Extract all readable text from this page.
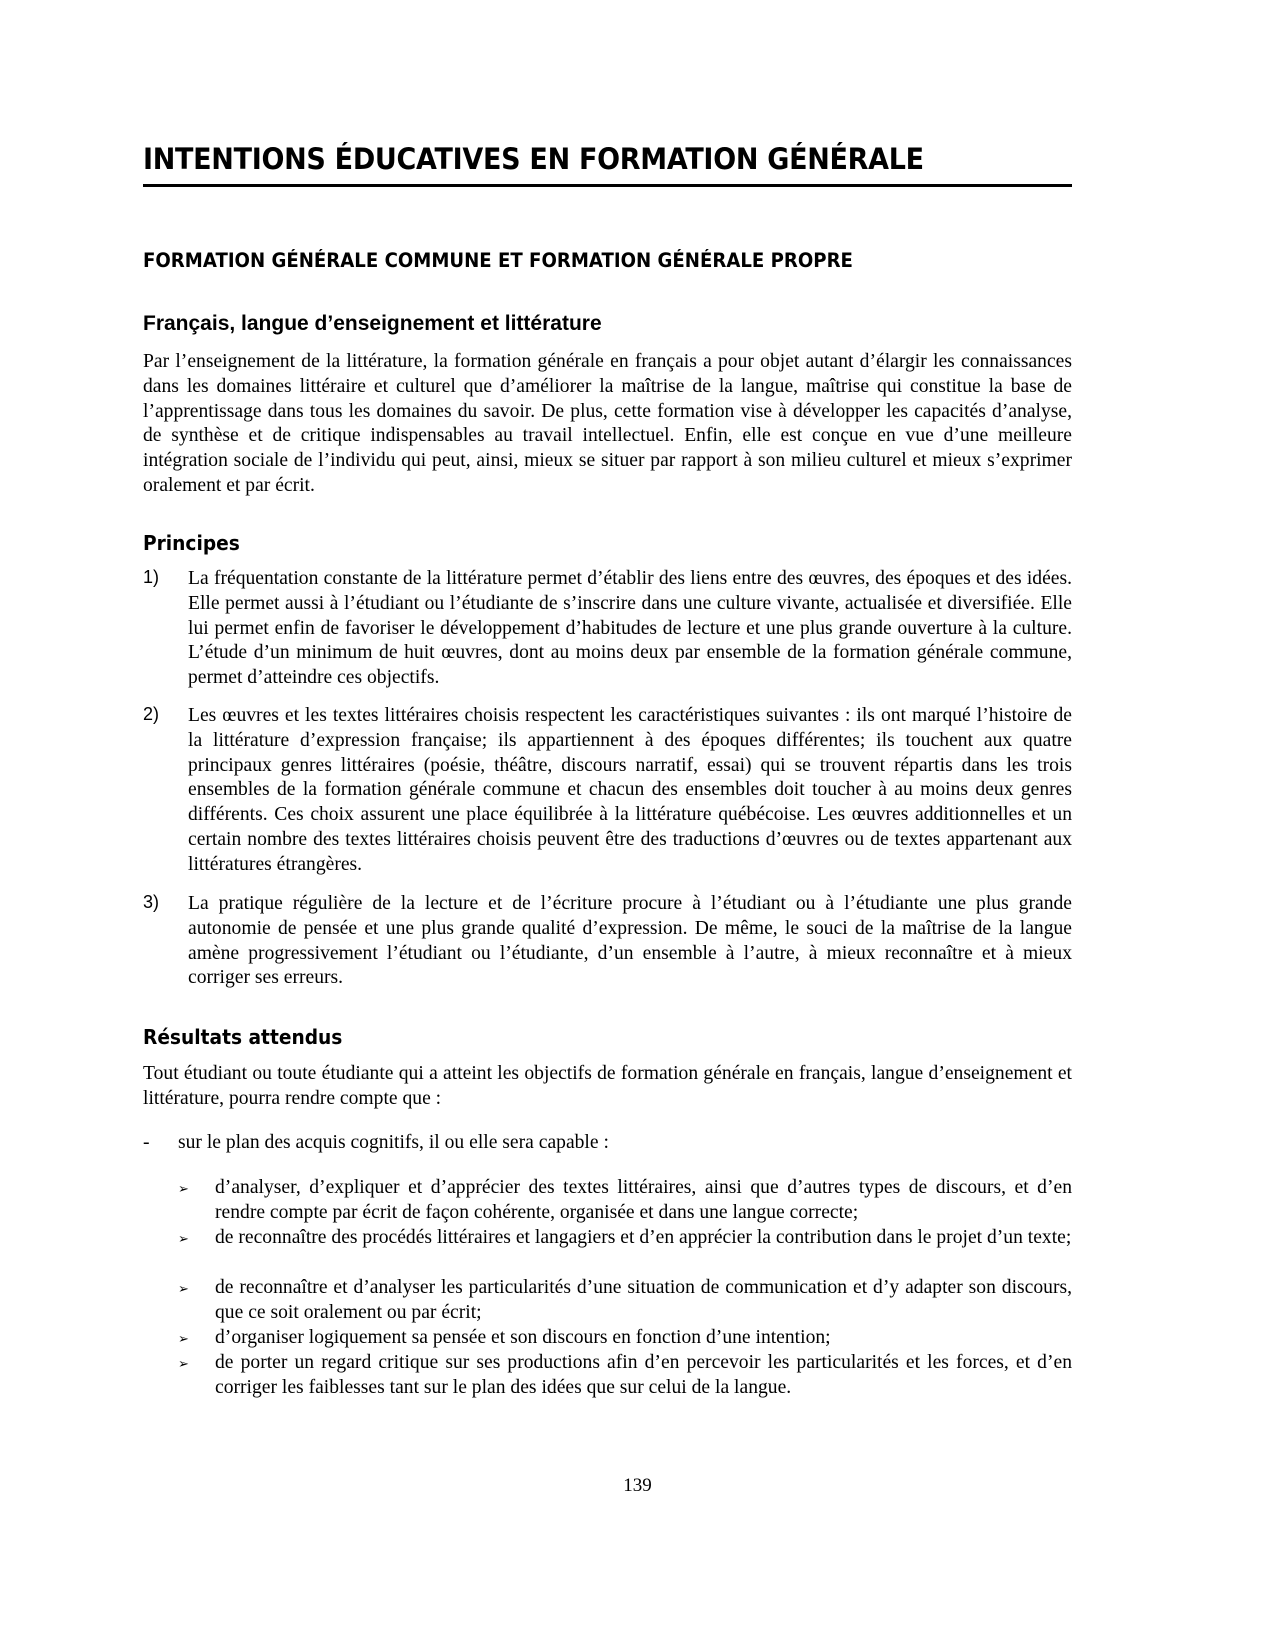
INTENTIONS ÉDUCATIVES EN FORMATION GÉNÉRALE
FORMATION GÉNÉRALE COMMUNE ET FORMATION GÉNÉRALE PROPRE
Français, langue d’enseignement et littérature

Par l’enseignement de la littérature, la formation générale en français a pour objet autant d’élargir les connaissances dans les domaines littéraire et culturel que d’améliorer la maîtrise de la langue, maîtrise qui constitue la base de l’apprentissage dans tous les domaines du savoir. De plus, cette formation vise à développer les capacités d’analyse, de synthèse et de critique indispensables au travail intellectuel. Enfin, elle est conçue en vue d’une meilleure intégration sociale de l’individu qui peut, ainsi, mieux se situer par rapport à son milieu culturel et mieux s’exprimer oralement et par écrit.

Principes
1) La fréquentation constante de la littérature permet d’établir des liens entre des œuvres, des époques et des idées. Elle permet aussi à l’étudiant ou l’étudiante de s’inscrire dans une culture vivante, actualisée et diversifiée. Elle lui permet enfin de favoriser le développement d’habitudes de lecture et une plus grande ouverture à la culture. L’étude d’un minimum de huit œuvres, dont au moins deux par ensemble de la formation générale commune, permet d’atteindre ces objectifs.

2) Les œuvres et les textes littéraires choisis respectent les caractéristiques suivantes : ils ont marqué l’histoire de la littérature d’expression française; ils appartiennent à des époques différentes; ils touchent aux quatre principaux genres littéraires (poésie, théâtre, discours narratif, essai) qui se trouvent répartis dans les trois ensembles de la formation générale commune et chacun des ensembles doit toucher à au moins deux genres différents. Ces choix assurent une place équilibrée à la littérature québécoise. Les œuvres additionnelles et un certain nombre des textes littéraires choisis peuvent être des traductions d’œuvres ou de textes appartenant aux littératures étrangères.

3) La pratique régulière de la lecture et de l’écriture procure à l’étudiant ou à l’étudiante une plus grande autonomie de pensée et une plus grande qualité d’expression. De même, le souci de la maîtrise de la langue amène progressivement l’étudiant ou l’étudiante, d’un ensemble à l’autre, à mieux reconnaître et à mieux corriger ses erreurs.

Résultats attendus

Tout étudiant ou toute étudiante qui a atteint les objectifs de formation générale en français, langue d’enseignement et littérature, pourra rendre compte que :

- sur le plan des acquis cognitifs, il ou elle sera capable :
➢ d’analyser, d’expliquer et d’apprécier des textes littéraires, ainsi que d’autres types de discours, et d’en rendre compte par écrit de façon cohérente, organisée et dans une langue correcte;

➢ de reconnaître des procédés littéraires et langagiers et d’en apprécier la contribution dans le projet d’un texte;

➢ de reconnaître et d’analyser les particularités d’une situation de communication et d’y adapter son discours, que ce soit oralement ou par écrit;

➢ d’organiser logiquement sa pensée et son discours en fonction d’une intention;

➢ de porter un regard critique sur ses productions afin d’en percevoir les particularités et les forces, et d’en corriger les faiblesses tant sur le plan des idées que sur celui de la langue.

139
